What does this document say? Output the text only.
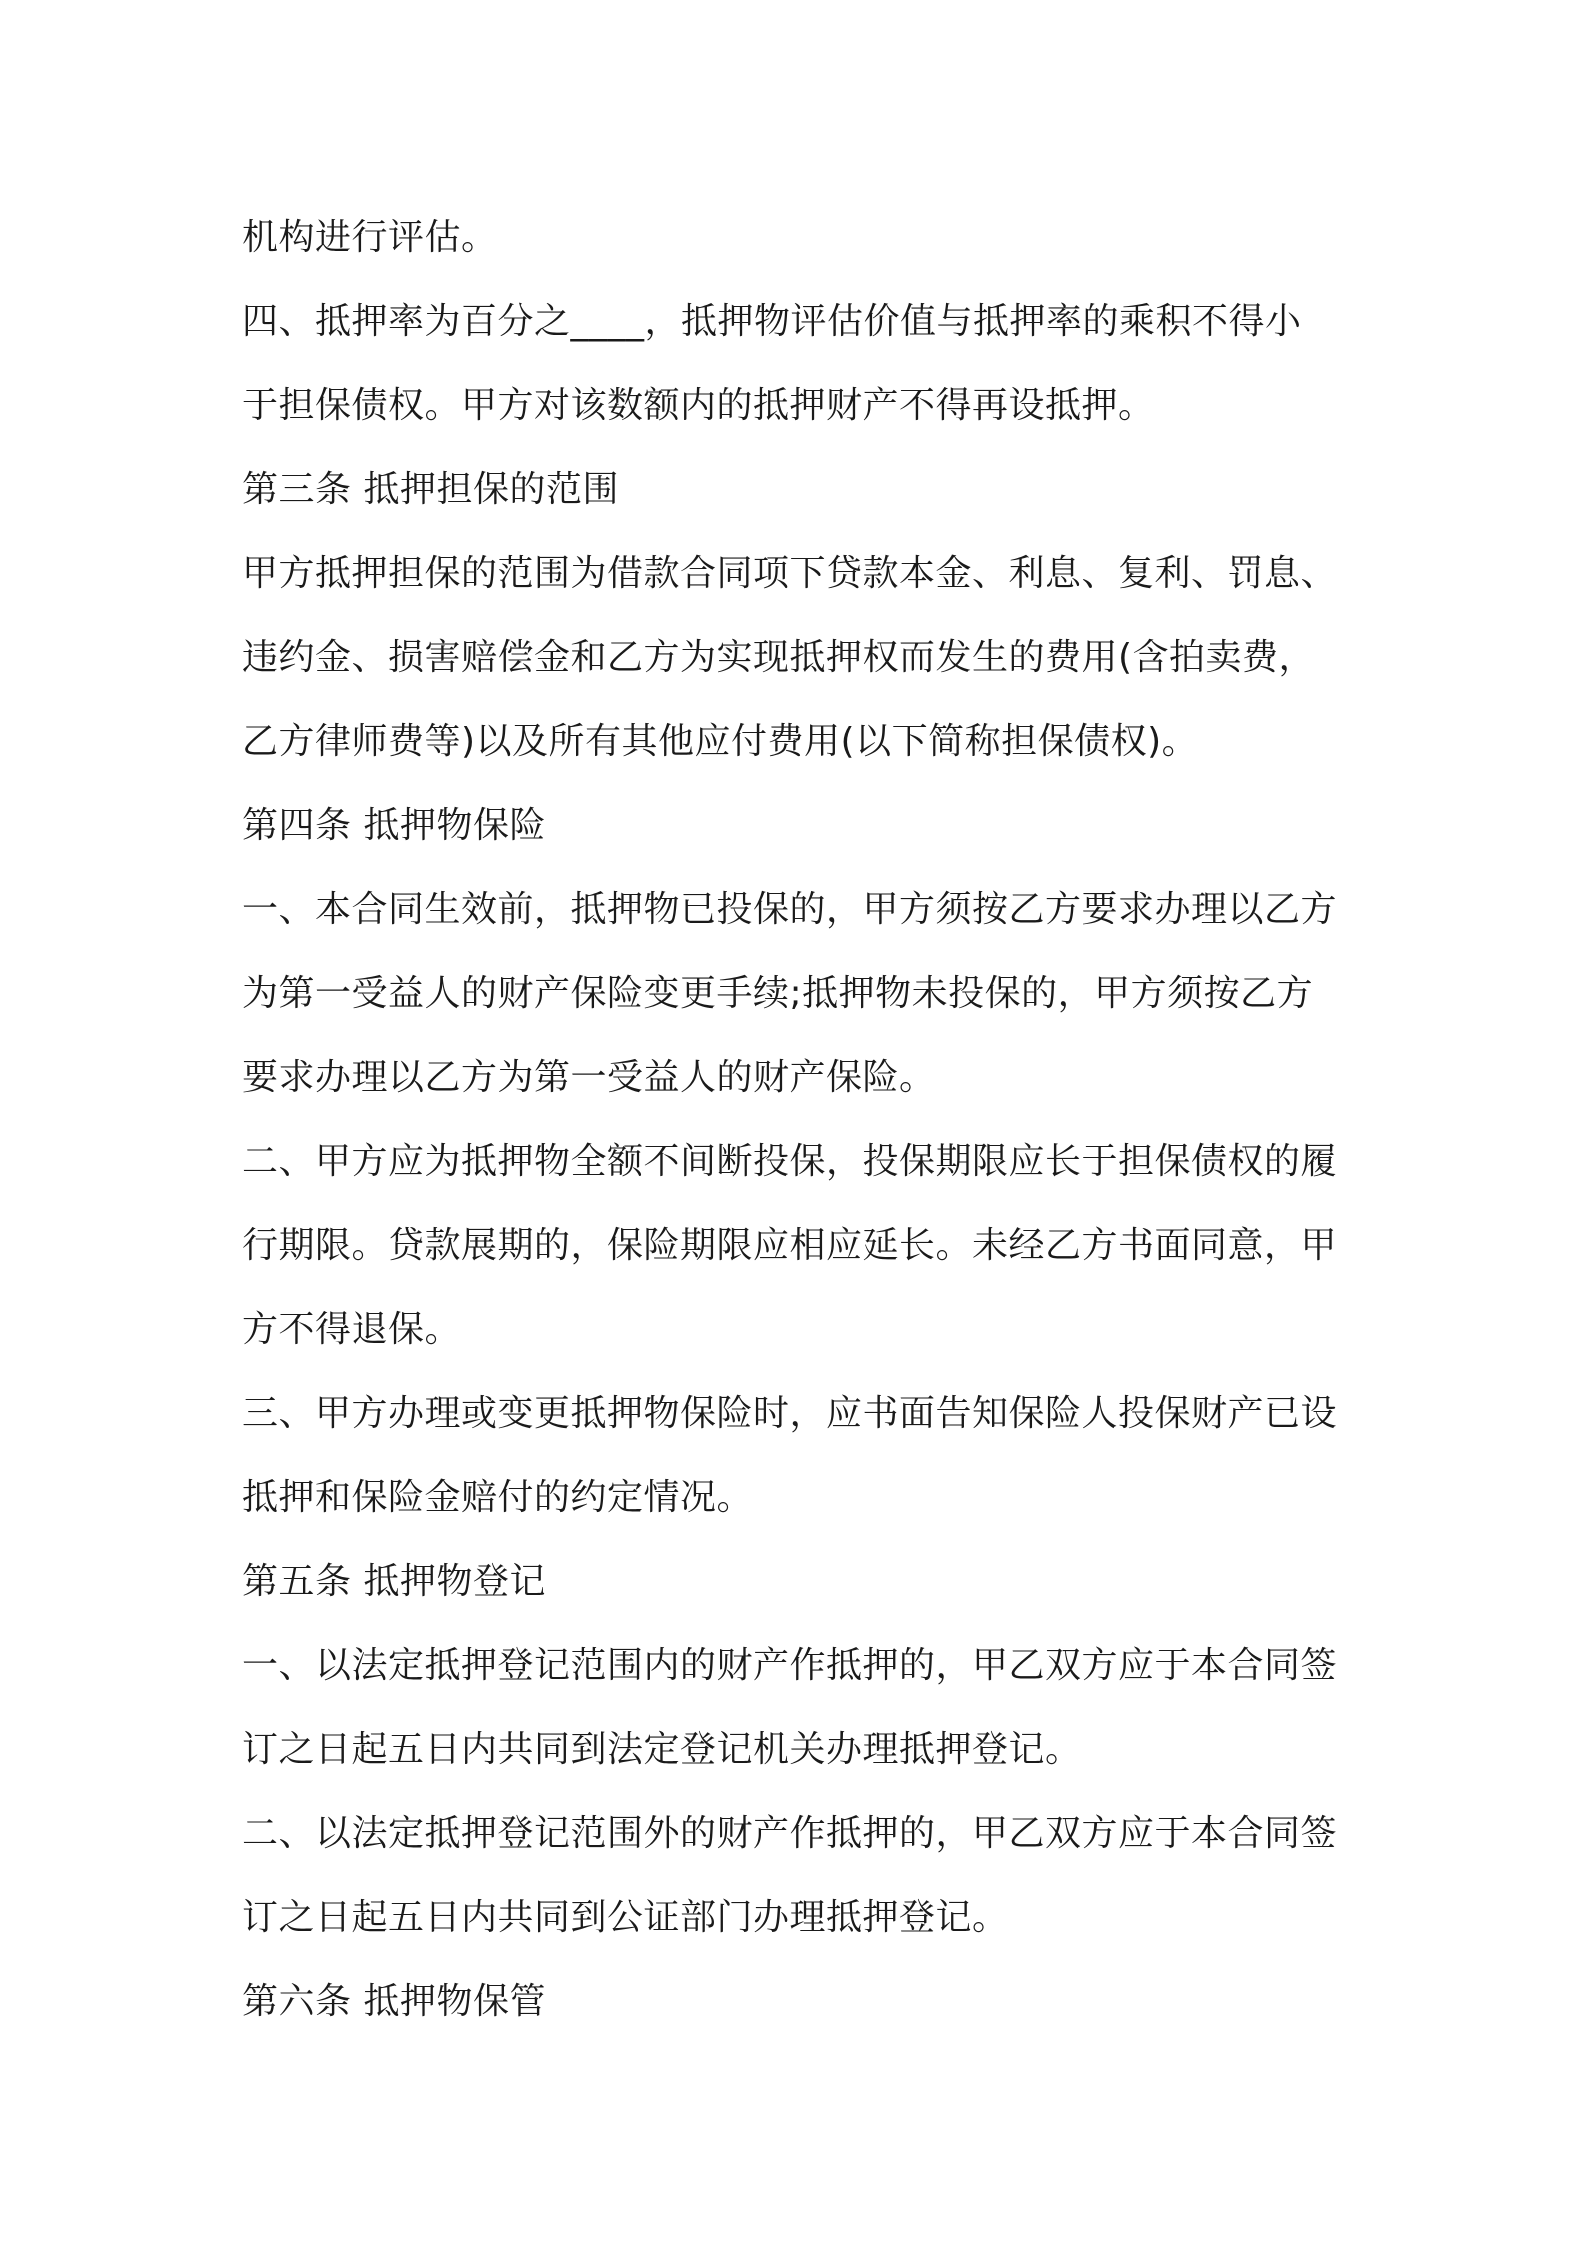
机构进行评估。
四、抵押率为百分之____，抵押物评估价值与抵押率的乘积不得小
于担保债权。甲方对该数额内的抵押财产不得再设抵押。
第三条 抵押担保的范围
甲方抵押担保的范围为借款合同项下贷款本金、利息、复利、罚息、
违约金、损害赔偿金和乙方为实现抵押权而发生的费用(含拍卖费，
乙方律师费等)以及所有其他应付费用(以下简称担保债权)。
第四条 抵押物保险
一、本合同生效前，抵押物已投保的，甲方须按乙方要求办理以乙方
为第一受益人的财产保险变更手续;抵押物未投保的，甲方须按乙方
要求办理以乙方为第一受益人的财产保险。
二、甲方应为抵押物全额不间断投保，投保期限应长于担保债权的履
行期限。贷款展期的，保险期限应相应延长。未经乙方书面同意，甲
方不得退保。
三、甲方办理或变更抵押物保险时，应书面告知保险人投保财产已设
抵押和保险金赔付的约定情况。
第五条 抵押物登记
一、以法定抵押登记范围内的财产作抵押的，甲乙双方应于本合同签
订之日起五日内共同到法定登记机关办理抵押登记。
二、以法定抵押登记范围外的财产作抵押的，甲乙双方应于本合同签
订之日起五日内共同到公证部门办理抵押登记。
第六条 抵押物保管
